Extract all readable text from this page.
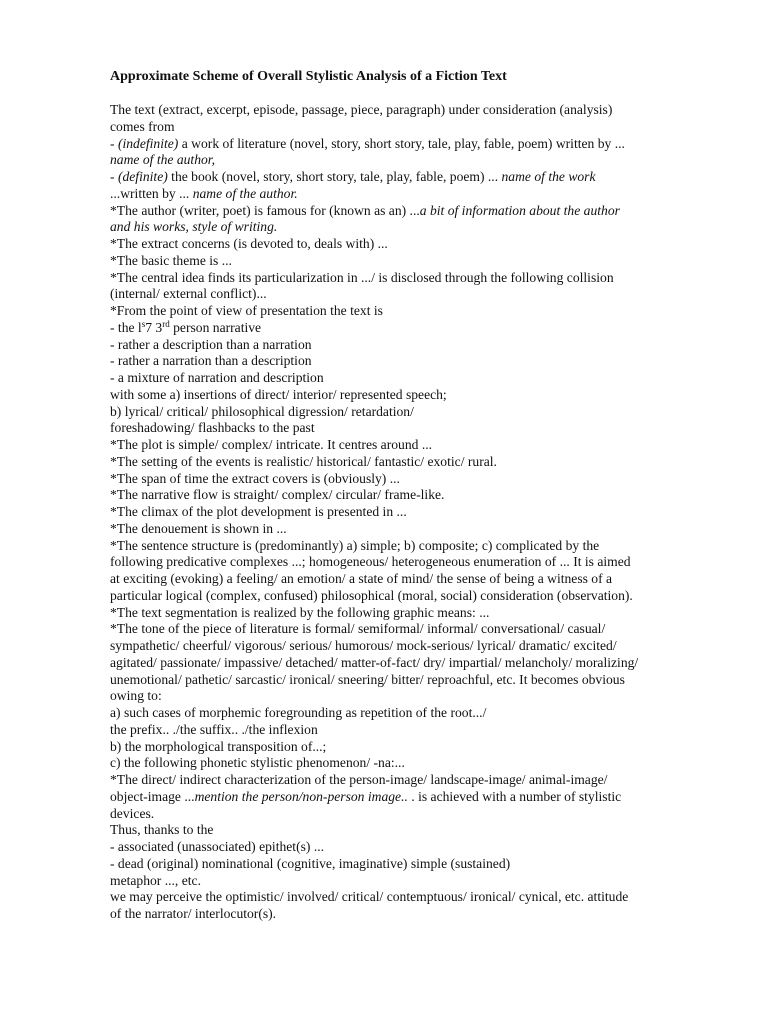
Approximate Scheme of Overall Stylistic Analysis of a Fiction Text
The text (extract, excerpt, episode, passage, piece, paragraph) under consideration (analysis)
comes from
- (indefinite) a work of literature (novel, story, short story, tale, play, fable, poem) written by ...
name of the author,
- (definite) the book (novel, story, short story, tale, play, fable, poem) ... name of the work
...written by ... name of the author.
*The author (writer, poet) is famous for (known as an) ...a bit of information about the author
and his works, style of writing.
*The extract concerns (is devoted to, deals with) ...
*The basic theme is ...
*The central idea finds its particularization in .../ is disclosed through the following collision
(internal/ external conflict)...
*From the point of view of presentation the text is
- the $l^s7$ 3rd person narrative
- rather a description than a narration
- rather a narration than a description
- a mixture of narration and description
with some a) insertions of direct/ interior/ represented speech;
b) lyrical/ critical/ philosophical digression/ retardation/
foreshadowing/ flashbacks to the past
*The plot is simple/ complex/ intricate. It centres around ...
*The setting of the events is realistic/ historical/ fantastic/ exotic/ rural.
*The span of time the extract covers is (obviously) ...
*The narrative flow is straight/ complex/ circular/ frame-like.
*The climax of the plot development is presented in ...
*The denouement is shown in ...
*The sentence structure is (predominantly) a) simple; b) composite; c) complicated by the
following predicative complexes ...; homogeneous/ heterogeneous enumeration of ... It is aimed
at exciting (evoking) a feeling/ an emotion/ a state of mind/ the sense of being a witness of a
particular logical (complex, confused) philosophical (moral, social) consideration (observation).
*The text segmentation is realized by the following graphic means: ...
*The tone of the piece of literature is formal/ semiformal/ informal/ conversational/ casual/
sympathetic/ cheerful/ vigorous/ serious/ humorous/ mock-serious/ lyrical/ dramatic/ excited/
agitated/ passionate/ impassive/ detached/ matter-of-fact/ dry/ impartial/ melancholy/ moralizing/
unemotional/ pathetic/ sarcastic/ ironical/ sneering/ bitter/ reproachful, etc. It becomes obvious
owing to:
a) such cases of morphemic foregrounding as repetition of the root.../
the prefix.. ./the suffix.. ./the inflexion
b) the morphological transposition of...;
c) the following phonetic stylistic phenomenon/ -na:...
*The direct/ indirect characterization of the person-image/ landscape-image/ animal-image/
object-image ...mention the person/non-person image.. . is achieved with a number of stylistic
devices.
Thus, thanks to the
- associated (unassociated) epithet(s) ...
- dead (original) nominational (cognitive, imaginative) simple (sustained)
metaphor ..., etc.
we may perceive the optimistic/ involved/ critical/ contemptuous/ ironical/ cynical, etc. attitude
of the narrator/ interlocutor(s).
